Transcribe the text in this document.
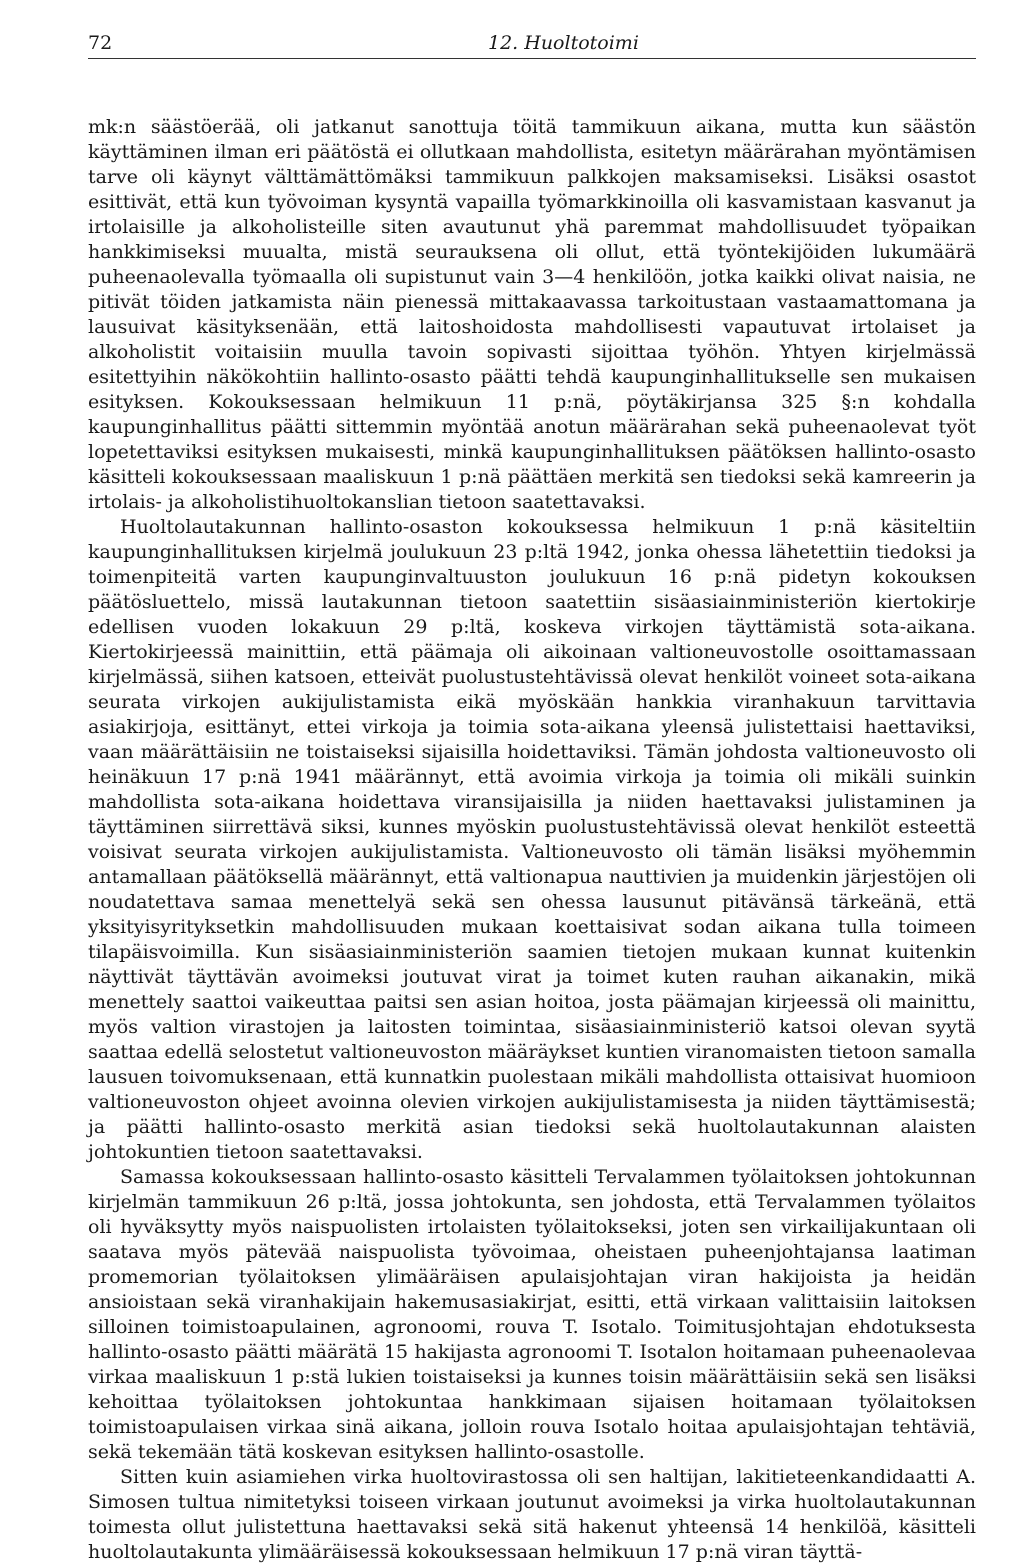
72	12. Huoltotoimi

mk:n säästöerää, oli jatkanut sanottuja töitä tammikuun aikana, mutta kun säästön käyttäminen ilman eri päätöstä ei ollutkaan mahdollista, esitetyn määrärahan myöntämisen tarve oli käynyt välttämättömäksi tammikuun palkkojen maksamiseksi. Lisäksi osastot esittivät, että kun työvoiman kysyntä vapailla työmarkkinoilla oli kasvamistaan kasvanut ja irtolaisille ja alkoholisteille siten avautunut yhä paremmat mahdollisuudet työpaikan hankkimiseksi muualta, mistä seurauksena oli ollut, että työntekijöiden lukumäärä puheenaolevalla työmaalla oli supistunut vain 3—4 henkilöön, jotka kaikki olivat naisia, ne pitivät töiden jatkamista näin pienessä mittakaavassa tarkoitustaan vastaamattomana ja lausuivat käsityksenään, että laitoshoidosta mahdollisesti vapautuvat irtolaiset ja alkoholistit voitaisiin muulla tavoin sopivasti sijoittaa työhön. Yhtyen kirjelmässä esitettyihin näkökohtiin hallinto-osasto päätti tehdä kaupunginhallitukselle sen mukaisen esityksen. Kokouksessaan helmikuun 11 p:nä, pöytäkirjansa 325 §:n kohdalla kaupunginhallitus päätti sittemmin myöntää anotun määrärahan sekä puheenaolevat työt lopetettaviksi esityksen mukaisesti, minkä kaupunginhallituksen päätöksen hallinto-osasto käsitteli kokouksessaan maaliskuun 1 p:nä päättäen merkitä sen tiedoksi sekä kamreerin ja irtolais- ja alkoholistihuoltokanslian tietoon saatettavaksi.

Huoltolautakunnan hallinto-osaston kokouksessa helmikuun 1 p:nä käsiteltiin kaupunginhallituksen kirjelmä joulukuun 23 p:ltä 1942, jonka ohessa lähetettiin tiedoksi ja toimenpiteitä varten kaupunginvaltuuston joulukuun 16 p:nä pidetyn kokouksen päätösluettelo, missä lautakunnan tietoon saatettiin sisäasiainministeriön kiertokirje edellisen vuoden lokakuun 29 p:ltä, koskeva virkojen täyttämistä sota-aikana. Kiertokirjeessä mainittiin, että päämaja oli aikoinaan valtioneuvostolle osoittamassaan kirjelmässä, siihen katsoen, etteivät puolustustehtävissä olevat henkilöt voineet sota-aikana seurata virkojen aukijulistamista eikä myöskään hankkia viranhakuun tarvittavia asiakirjoja, esittänyt, ettei virkoja ja toimia sota-aikana yleensä julistettaisi haettaviksi, vaan määrättäisiin ne toistaiseksi sijaisilla hoidettaviksi. Tämän johdosta valtioneuvosto oli heinäkuun 17 p:nä 1941 määrännyt, että avoimia virkoja ja toimia oli mikäli suinkin mahdollista sota-aikana hoidettava viransijaisilla ja niiden haettavaksi julistaminen ja täyttäminen siirrettävä siksi, kunnes myöskin puolustustehtävissä olevat henkilöt esteettä voisivat seurata virkojen aukijulistamista. Valtioneuvosto oli tämän lisäksi myöhemmin antamallaan päätöksellä määrännyt, että valtionapua nauttivien ja muidenkin järjestöjen oli noudatettava samaa menettelyä sekä sen ohessa lausunut pitävänsä tärkeänä, että yksityisyrityksetkin mahdollisuuden mukaan koettaisivat sodan aikana tulla toimeen tilapäisvoimilla. Kun sisäasiainministeriön saamien tietojen mukaan kunnat kuitenkin näyttivät täyttävän avoimeksi joutuvat virat ja toimet kuten rauhan aikanakin, mikä menettely saattoi vaikeuttaa paitsi sen asian hoitoa, josta päämajan kirjeessä oli mainittu, myös valtion virastojen ja laitosten toimintaa, sisäasiainministeriö katsoi olevan syytä saattaa edellä selostetut valtioneuvoston määräykset kuntien viranomaisten tietoon samalla lausuen toivomuksenaan, että kunnatkin puolestaan mikäli mahdollista ottaisivat huomioon valtioneuvoston ohjeet avoinna olevien virkojen aukijulistamisesta ja niiden täyttämisestä; ja päätti hallinto-osasto merkitä asian tiedoksi sekä huoltolautakunnan alaisten johtokuntien tietoon saatettavaksi.

Samassa kokouksessaan hallinto-osasto käsitteli Tervalammen työlaitoksen johtokunnan kirjelmän tammikuun 26 p:ltä, jossa johtokunta, sen johdosta, että Tervalammen työlaitos oli hyväksytty myös naispuolisten irtolaisten työlaitokseksi, joten sen virkailijakuntaan oli saatava myös pätevää naispuolista työvoimaa, oheistaen puheenjohtajansa laatiman promemorian työlaitoksen ylimääräisen apulaisjohtajan viran hakijoista ja heidän ansioistaan sekä viranhakijain hakemusasiakirjat, esitti, että virkaan valittaisiin laitoksen silloinen toimistoapulainen, agronoomi, rouva T. Isotalo. Toimitusjohtajan ehdotuksesta hallinto-osasto päätti määrätä 15 hakijasta agronoomi T. Isotalon hoitamaan puheenaolevaa virkaa maaliskuun 1 p:stä lukien toistaiseksi ja kunnes toisin määrättäisiin sekä sen lisäksi kehoittaa työlaitoksen johtokuntaa hankkimaan sijaisen hoitamaan työlaitoksen toimistoapulaisen virkaa sinä aikana, jolloin rouva Isotalo hoitaa apulaisjohtajan tehtäviä, sekä tekemään tätä koskevan esityksen hallinto-osastolle.

Sitten kuin asiamiehen virka huoltovirastossa oli sen haltijan, lakitieteenkandidaatti A. Simosen tultua nimitetyksi toiseen virkaan joutunut avoimeksi ja virka huoltolautakunnan toimesta ollut julistettuna haettavaksi sekä sitä hakenut yhteensä 14 henkilöä, käsitteli huoltolautakunta ylimääräisessä kokouksessaan helmikuun 17 p:nä viran täyttä-
